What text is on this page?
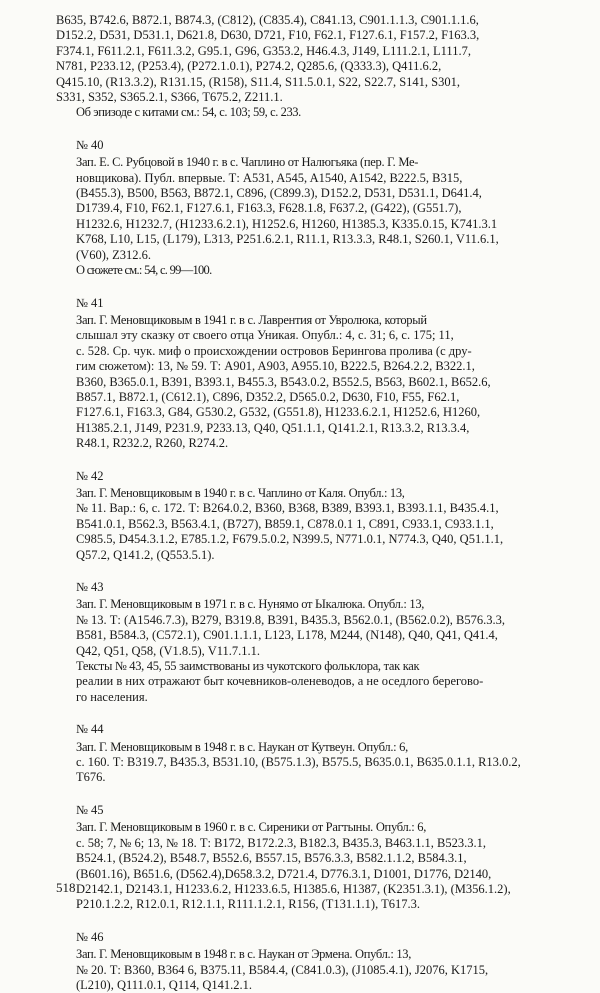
B635, B742.6, B872.1, B874.3, (C812), (C835.4), C841.13, C901.1.1.3, C901.1.1.6,
D152.2, D531, D531.1, D621.8, D630, D721, F10, F62.1, F127.6.1, F157.2, F163.3,
F374.1, F611.2.1, F611.3.2, G95.1, G96, G353.2, H46.4.3, J149, L111.2.1, L111.7,
N781, P233.12, (P253.4), (P272.1.0.1), P274.2, Q285.6, (Q333.3), Q411.6.2,
Q415.10, (R13.3.2), R131.15, (R158), S11.4, S11.5.0.1, S22, S22.7, S141, S301,
S331, S352, S365.2.1, S366, T675.2, Z211.1.

Об эпизоде с китами см.: 54, с. 103; 59, с. 233.

№ 40

Зап. Е. С. Рубцовой в 1940 г. в с. Чаплино от Налюгьяка (пер. Г. Ме-
новщикова). Публ. впервые. Т: A531, A545, A1540, A1542, B222.5, B315,
(B455.3), B500, B563, B872.1, C896, (C899.3), D152.2, D531, D531.1, D641.4,
D1739.4, F10, F62.1, F127.6.1, F163.3, F628.1.8, F637.2, (G422), (G551.7),
H1232.6, H1232.7, (H1233.6.2.1), H1252.6, H1260, H1385.3, K335.0.15, K741.3.1
K768, L10, L15, (L179), L313, P251.6.2.1, R11.1, R13.3.3, R48.1, S260.1, V11.6.1,
(V60), Z312.6.

О сюжете см.: 54, с. 99—100.

№ 41

Зап. Г. Меновщиковым в 1941 г. в с. Лаврентия от Увролюка, который
слышал эту сказку от своего отца Уникая. Опубл.: 4, с. 31; 6, с. 175; 11,
с. 528. Ср. чук. миф о происхождении островов Берингова пролива (с дру-
гим сюжетом): 13, № 59. Т: A901, A903, A955.10, B222.5, B264.2.2, B322.1,
B360, B365.0.1, B391, B393.1, B455.3, B543.0.2, B552.5, B563, B602.1, B652.6,
B857.1, B872.1, (C612.1), C896, D352.2, D565.0.2, D630, F10, F55, F62.1,
F127.6.1, F163.3, G84, G530.2, G532, (G551.8), H1233.6.2.1, H1252.6, H1260,
H1385.2.1, J149, P231.9, P233.13, Q40, Q51.1.1, Q141.2.1, R13.3.2, R13.3.4,
R48.1, R232.2, R260, R274.2.

№ 42

Зап. Г. Меновщиковым в 1940 г. в с. Чаплино от Каля. Опубл.: 13,
№ 11. Вар.: 6, с. 172. Т: B264.0.2, B360, B368, B389, B393.1, B393.1.1, B435.4.1,
B541.0.1, B562.3, B563.4.1, (B727), B859.1, C878.0.1 1, C891, C933.1, C933.1.1,
C985.5, D454.3.1.2, E785.1.2, F679.5.0.2, N399.5, N771.0.1, N774.3, Q40, Q51.1.1,
Q57.2, Q141.2, (Q553.5.1).

№ 43

Зап. Г. Меновщиковым в 1971 г. в с. Нунямо от Ыкалюка. Опубл.: 13,
№ 13. Т: (A1546.7.3), B279, B319.8, B391, B435.3, B562.0.1, (B562.0.2), B576.3.3,
B581, B584.3, (C572.1), C901.1.1.1, L123, L178, M244, (N148), Q40, Q41, Q41.4,
Q42, Q51, Q58, (V1.8.5), V11.7.1.1.

Тексты № 43, 45, 55 заимствованы из чукотского фольклора, так как
реалии в них отражают быт кочевников-оленеводов, а не оседлого берегово-
го населения.

№ 44

Зап. Г. Меновщиковым в 1948 г. в с. Наукан от Кутвеун. Опубл.: 6,
с. 160. Т: B319.7, B435.3, B531.10, (B575.1.3), B575.5, B635.0.1, B635.0.1.1, R13.0.2,
T676.

№ 45

Зап. Г. Меновщиковым в 1960 г. в с. Сиреники от Рагтыны. Опубл.: 6,
с. 58; 7, № 6; 13, № 18. Т: B172, B172.2.3, B182.3, B435.3, B463.1.1, B523.3.1,
B524.1, (B524.2), B548.7, B552.6, B557.15, B576.3.3, B582.1.1.2, B584.3.1,
(B601.16), B651.6, (D562.4),D658.3.2, D721.4, D776.3.1, D1001, D1776, D2140,
D2142.1, D2143.1, H1233.6.2, H1233.6.5, H1385.6, H1387, (K2351.3.1), (M356.1.2),
P210.1.2.2, R12.0.1, R12.1.1, R111.1.2.1, R156, (T131.1.1), T617.3.

№ 46

Зап. Г. Меновщиковым в 1948 г. в с. Наукан от Эрмена. Опубл.: 13,
№ 20. Т: B360, B364 6, B375.11, B584.4, (C841.0.3), (J1085.4.1), J2076, K1715,
(L210), Q111.0.1, Q114, Q141.2.1.

518
